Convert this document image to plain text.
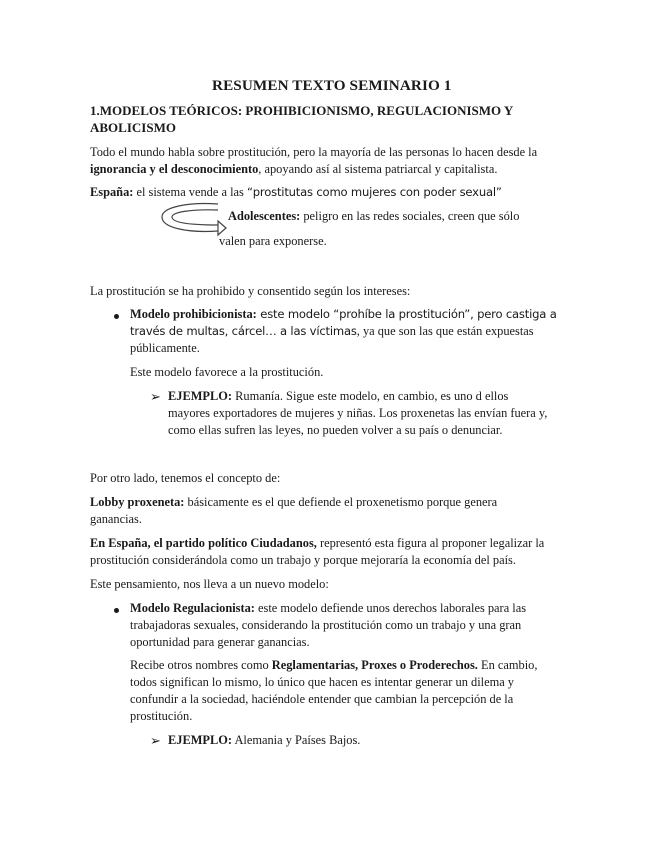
RESUMEN TEXTO SEMINARIO 1
1.MODELOS TEÓRICOS: PROHIBICIONISMO, REGULACIONISMO Y
ABOLICISMO
Todo el mundo habla sobre prostitución, pero la mayoría de las personas lo hacen desde la
ignorancia y el desconocimiento, apoyando así al sistema patriarcal y capitalista.
España: el sistema vende a las “prostitutas como mujeres con poder sexual”
Adolescentes: peligro en las redes sociales, creen que sólo
valen para exponerse.
La prostitución se ha prohibido y consentido según los intereses:
Modelo prohibicionista: este modelo “prohíbe la prostitución”, pero castiga a
través de multas, cárcel… a las víctimas, ya que son las que están expuestas
públicamente.
Este modelo favorece a la prostitución.
➢ EJEMPLO: Rumanía. Sigue este modelo, en cambio, es uno d ellos
mayores exportadores de mujeres y niñas. Los proxenetas las envían fuera y,
como ellas sufren las leyes, no pueden volver a su país o denunciar.
Por otro lado, tenemos el concepto de:
Lobby proxeneta: básicamente es el que defiende el proxenetismo porque genera
ganancias.
En España, el partido político Ciudadanos, representó esta figura al proponer legalizar la
prostitución considerándola como un trabajo y porque mejoraría la economía del país.
Este pensamiento, nos lleva a un nuevo modelo:
Modelo Regulacionista: este modelo defiende unos derechos laborales para las
trabajadoras sexuales, considerando la prostitución como un trabajo y una gran
oportunidad para generar ganancias.
Recibe otros nombres como Reglamentarias, Proxes o Proderechos. En cambio,
todos significan lo mismo, lo único que hacen es intentar generar un dilema y
confundir a la sociedad, haciéndole entender que cambian la percepción de la
prostitución.
➢ EJEMPLO: Alemania y Países Bajos.
